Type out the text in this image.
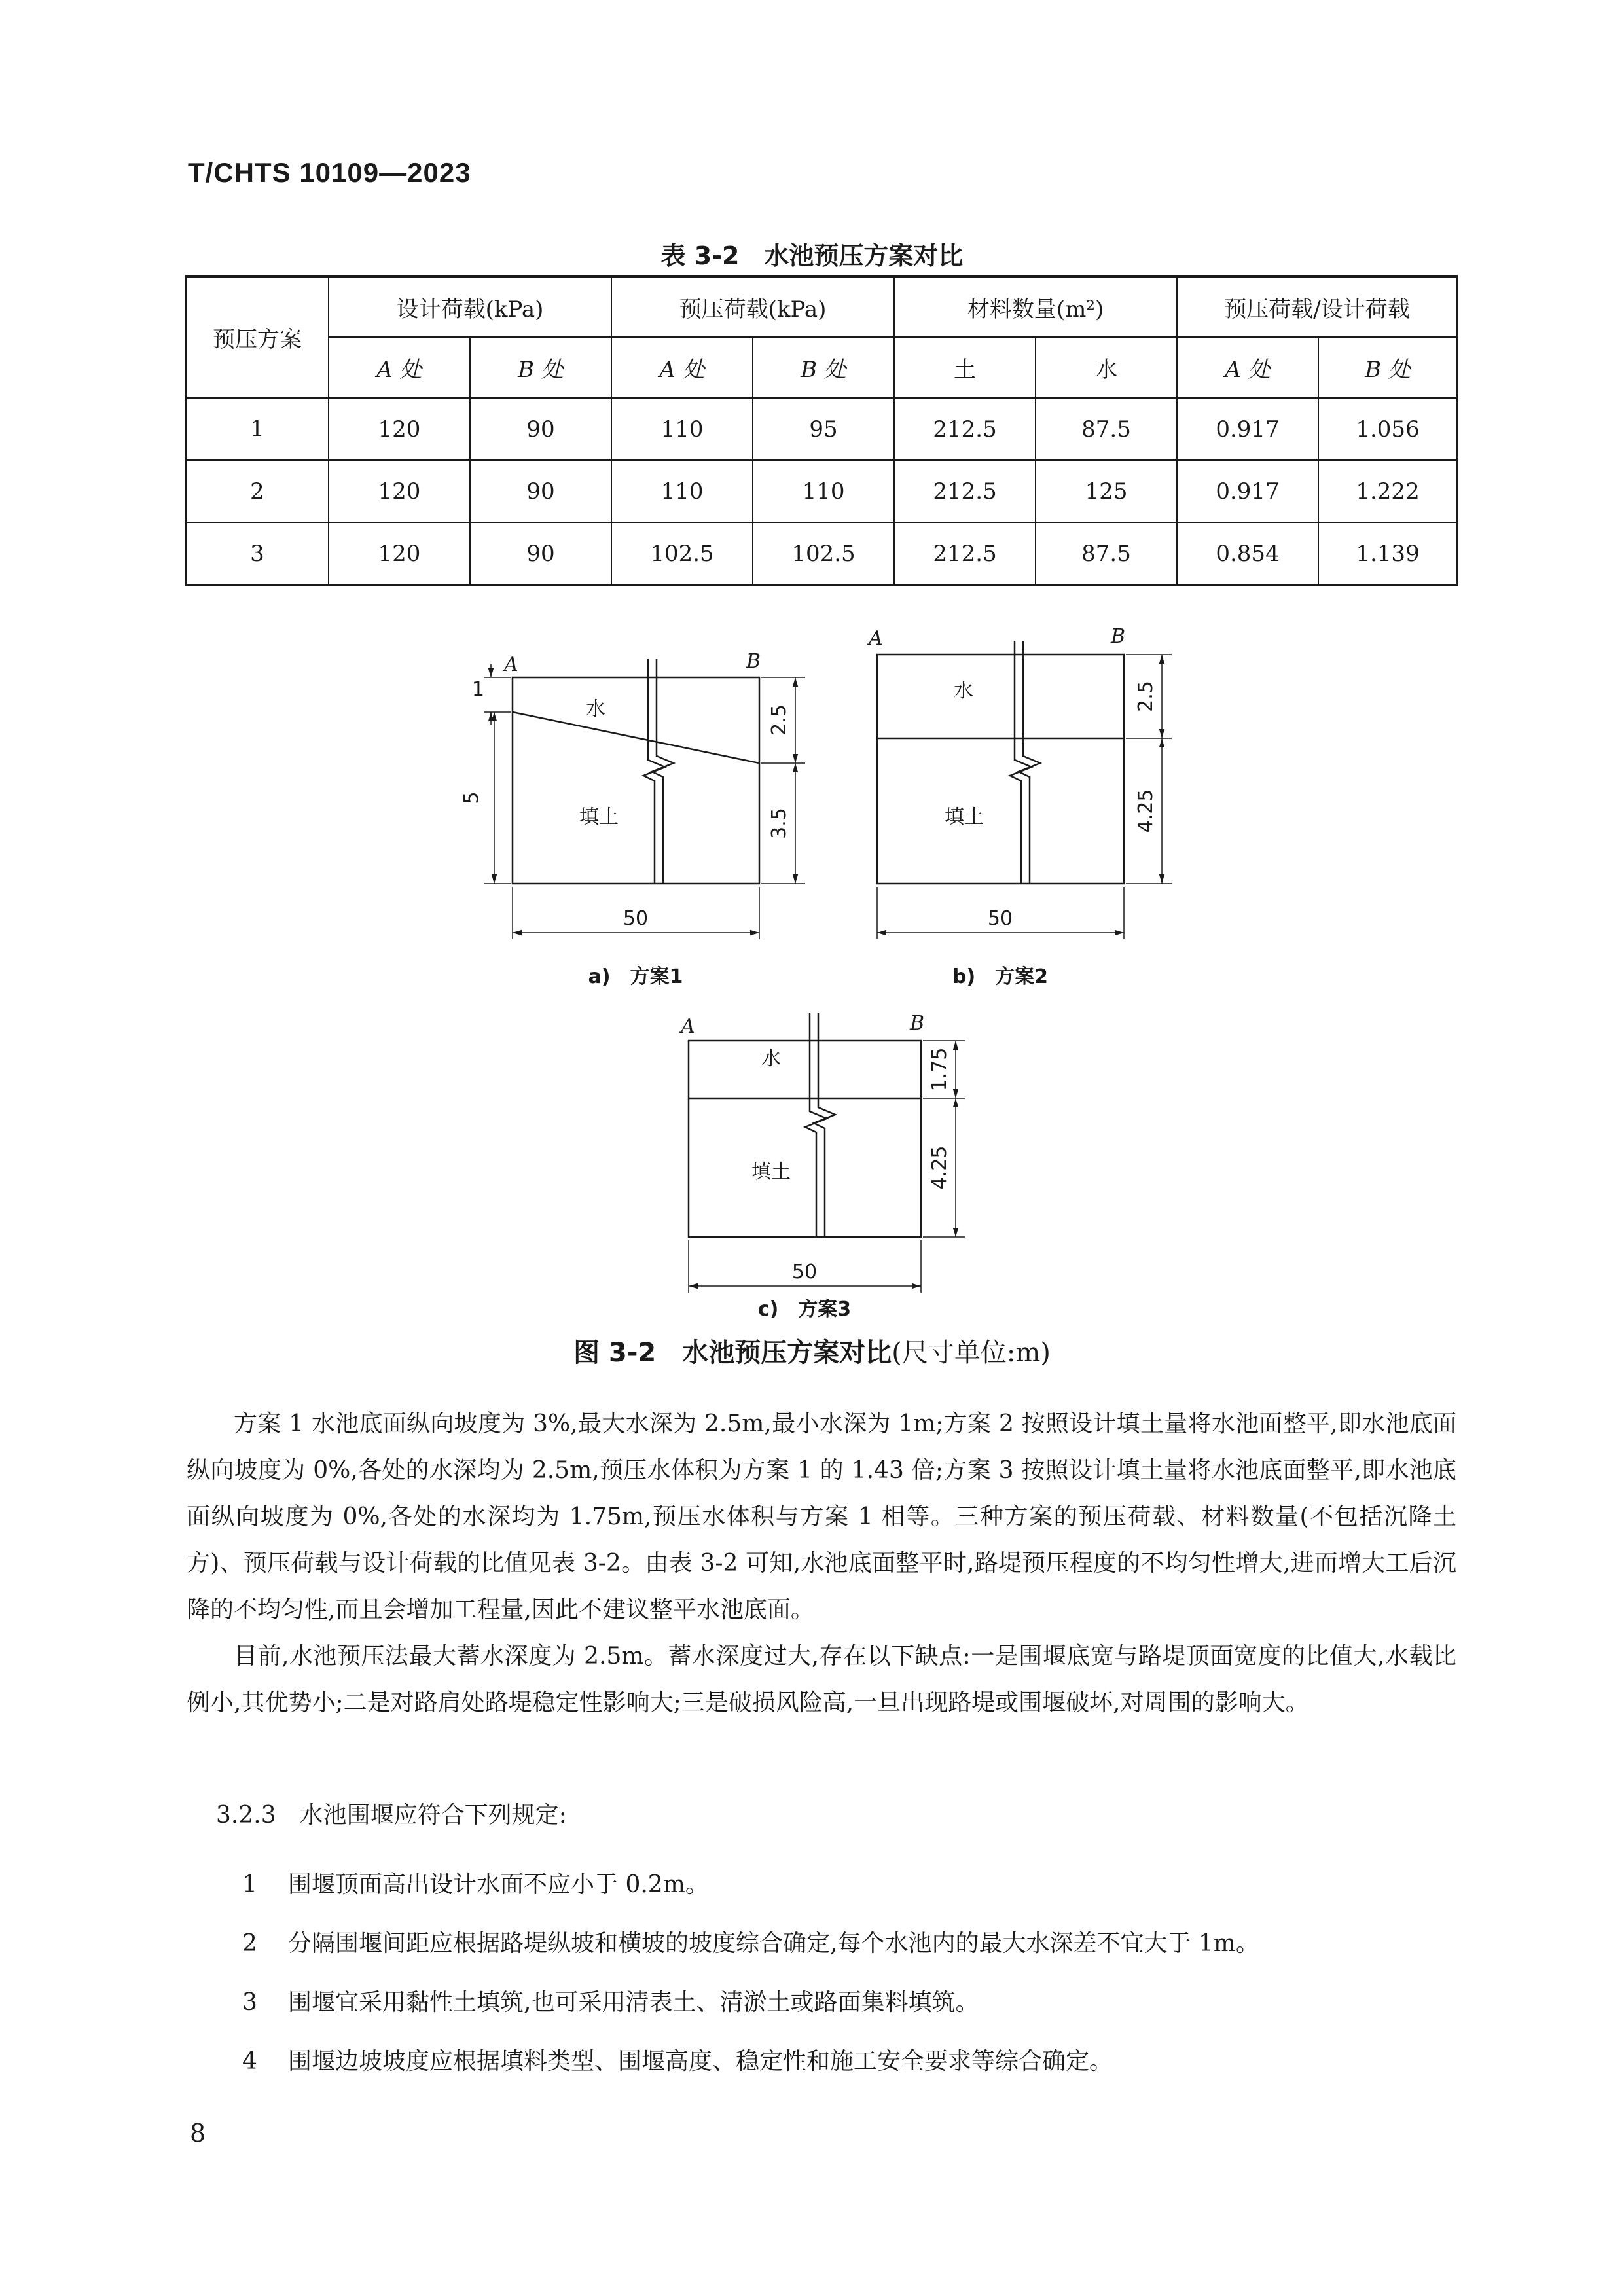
T/CHTS 10109—2023
表 3-2　水池预压方案对比
预压方案	设计荷载(kPa)		预压荷载(kPa)		材料数量(m²)		预压荷载/设计荷载	
	A 处	B 处	A 处	B 处	土	水	A 处	B 处
1	120	90	110	95	212.5	87.5	0.917	1.056
2	120	90	110	110	212.5	125	0.917	1.222
3	120	90	102.5	102.5	212.5	87.5	0.854	1.139
A	B
水
填土
1
5
2.5
3.5
50
a)　方案1
A	B
水
填土
2.5
4.25
50
b)　方案2
A	B
水
填土
1.75
4.25
50
c)　方案3
图 3-2　水池预压方案对比(尺寸单位:m)

方案 1 水池底面纵向坡度为 3%,最大水深为 2.5m,最小水深为 1m;方案 2 按照设计填土量将水池面整平,即水池底面纵向坡度为 0%,各处的水深均为 2.5m,预压水体积为方案 1 的 1.43 倍;方案 3 按照设计填土量将水池底面整平,即水池底面纵向坡度为 0%,各处的水深均为 1.75m,预压水体积与方案 1 相等。三种方案的预压荷载、材料数量(不包括沉降土方)、预压荷载与设计荷载的比值见表 3-2。由表 3-2 可知,水池底面整平时,路堤预压程度的不均匀性增大,进而增大工后沉降的不均匀性,而且会增加工程量,因此不建议整平水池底面。

目前,水池预压法最大蓄水深度为 2.5m。蓄水深度过大,存在以下缺点:一是围堰底宽与路堤顶面宽度的比值大,水载比例小,其优势小;二是对路肩处路堤稳定性影响大;三是破损风险高,一旦出现路堤或围堰破坏,对周围的影响大。

3.2.3　 水池围堰应符合下列规定:
1 围堰顶面高出设计水面不应小于 0.2m。
2 分隔围堰间距应根据路堤纵坡和横坡的坡度综合确定,每个水池内的最大水深差不宜大于 1m。
3 围堰宜采用黏性土填筑,也可采用清表土、清淤土或路面集料填筑。
4 围堰边坡坡度应根据填料类型、围堰高度、稳定性和施工安全要求等综合确定。
8
